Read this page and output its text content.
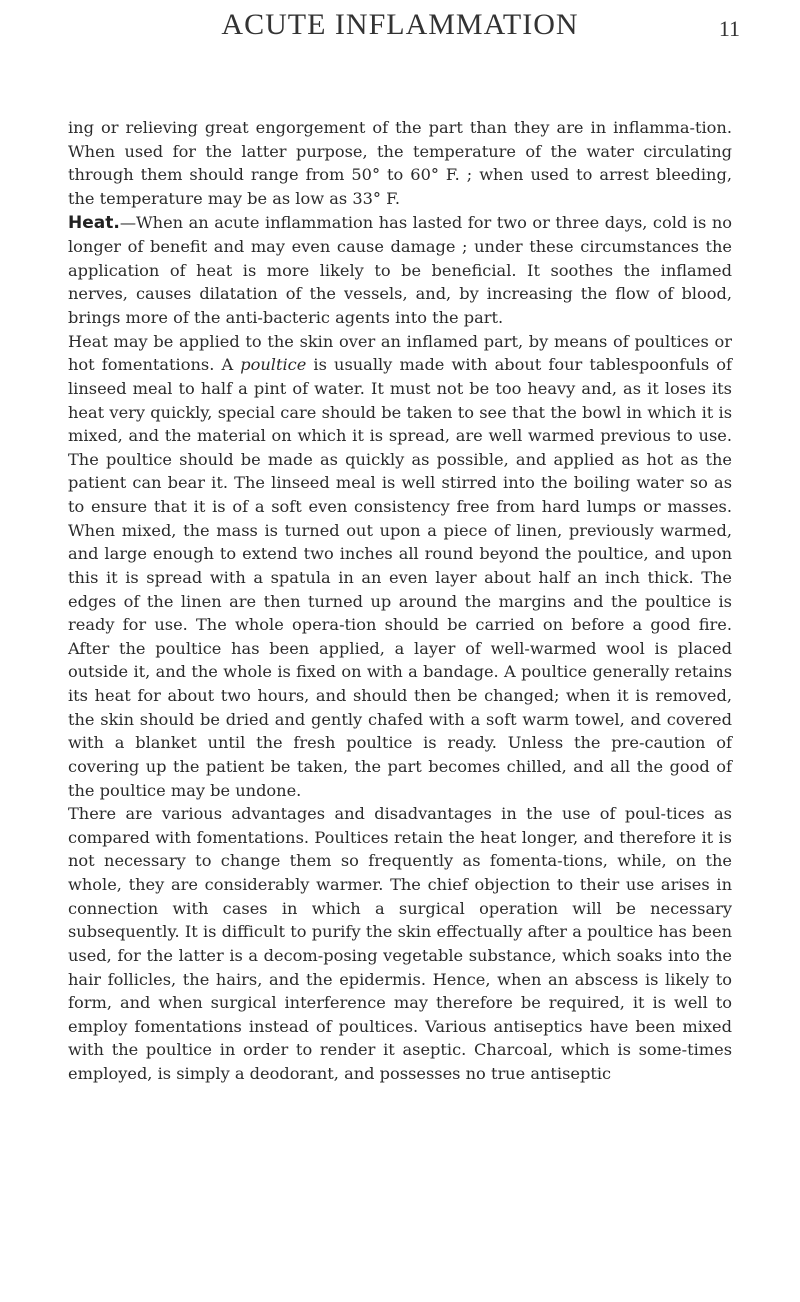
ACUTE INFLAMMATION	11

ing or relieving great engorgement of the part than they are in inflamma-tion. When used for the latter purpose, the temperature of the water circulating through them should range from 50° to 60° F. ; when used to arrest bleeding, the temperature may be as low as 33° F.

Heat.—When an acute inflammation has lasted for two or three days, cold is no longer of benefit and may even cause damage ; under these circumstances the application of heat is more likely to be beneficial. It soothes the inflamed nerves, causes dilatation of the vessels, and, by increasing the flow of blood, brings more of the anti-bacteric agents into the part.

Heat may be applied to the skin over an inflamed part, by means of poultices or hot fomentations. A poultice is usually made with about four tablespoonfuls of linseed meal to half a pint of water. It must not be too heavy and, as it loses its heat very quickly, special care should be taken to see that the bowl in which it is mixed, and the material on which it is spread, are well warmed previous to use. The poultice should be made as quickly as possible, and applied as hot as the patient can bear it. The linseed meal is well stirred into the boiling water so as to ensure that it is of a soft even consistency free from hard lumps or masses. When mixed, the mass is turned out upon a piece of linen, previously warmed, and large enough to extend two inches all round beyond the poultice, and upon this it is spread with a spatula in an even layer about half an inch thick. The edges of the linen are then turned up around the margins and the poultice is ready for use. The whole opera-tion should be carried on before a good fire. After the poultice has been applied, a layer of well-warmed wool is placed outside it, and the whole is fixed on with a bandage. A poultice generally retains its heat for about two hours, and should then be changed; when it is removed, the skin should be dried and gently chafed with a soft warm towel, and covered with a blanket until the fresh poultice is ready. Unless the pre-caution of covering up the patient be taken, the part becomes chilled, and all the good of the poultice may be undone.

There are various advantages and disadvantages in the use of poul-tices as compared with fomentations. Poultices retain the heat longer, and therefore it is not necessary to change them so frequently as fomenta-tions, while, on the whole, they are considerably warmer. The chief objection to their use arises in connection with cases in which a surgical operation will be necessary subsequently. It is difficult to purify the skin effectually after a poultice has been used, for the latter is a decom-posing vegetable substance, which soaks into the hair follicles, the hairs, and the epidermis. Hence, when an abscess is likely to form, and when surgical interference may therefore be required, it is well to employ fomentations instead of poultices. Various antiseptics have been mixed with the poultice in order to render it aseptic. Charcoal, which is some-times employed, is simply a deodorant, and possesses no true antiseptic
